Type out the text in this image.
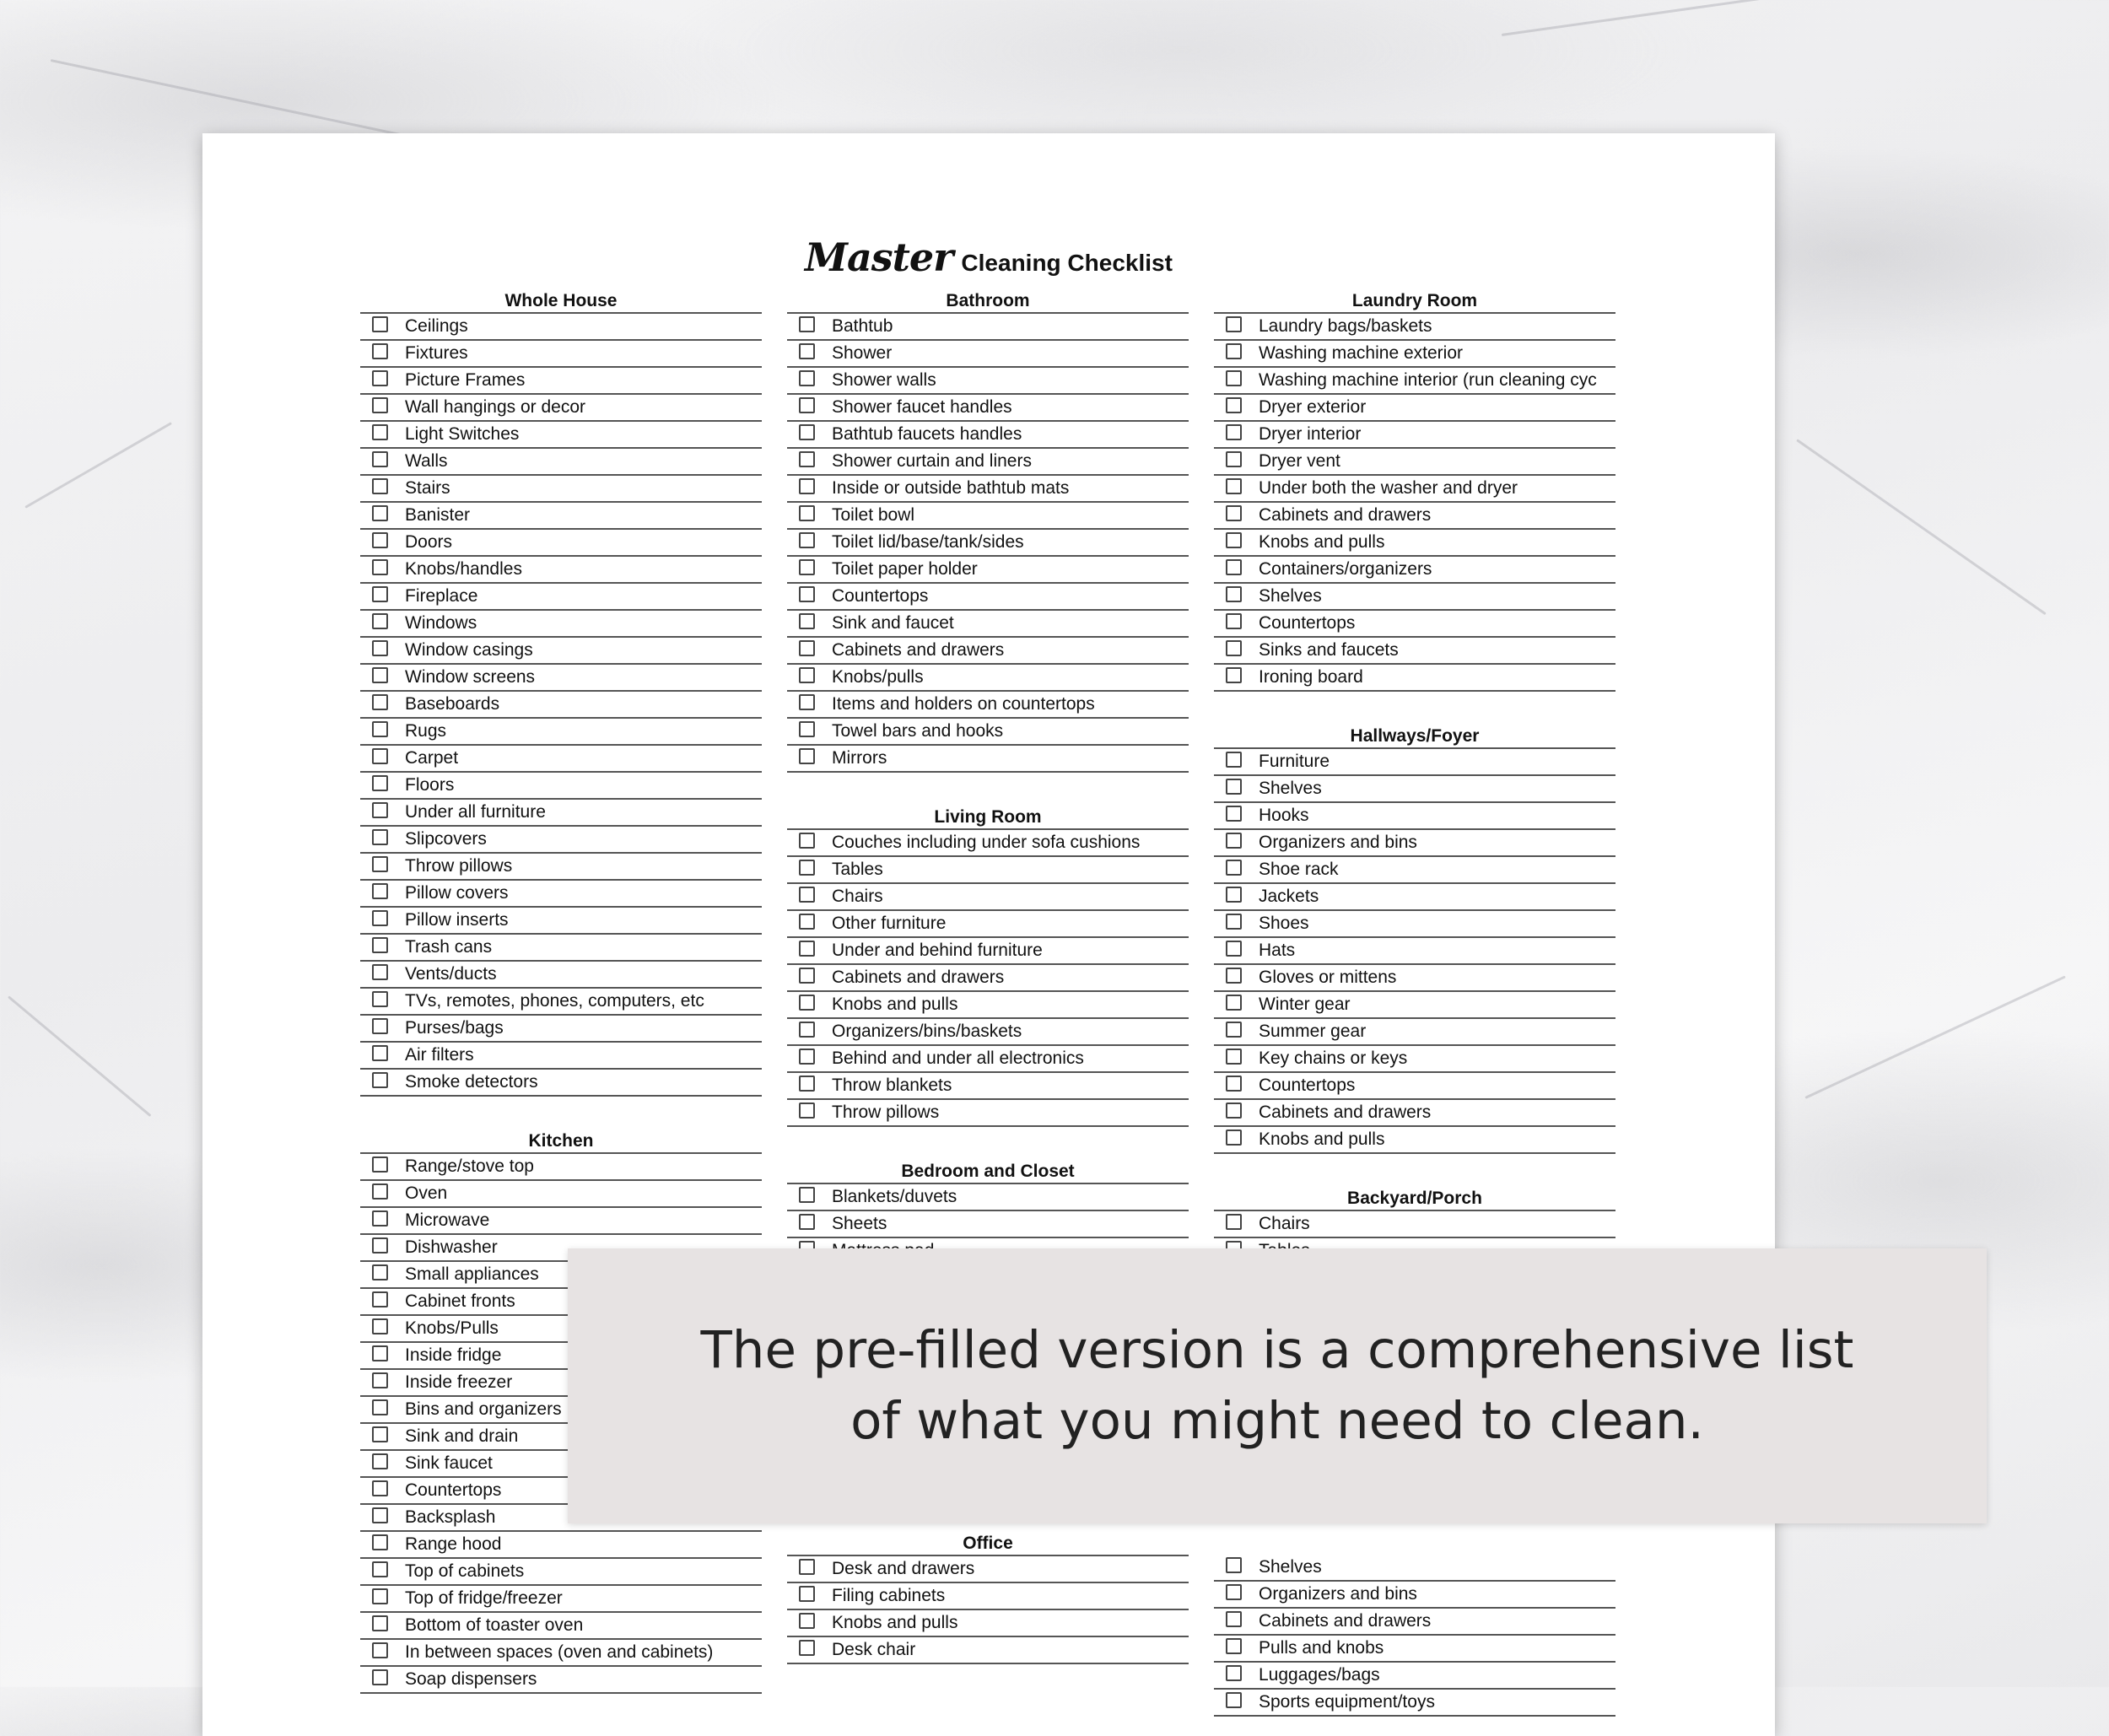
Master Cleaning Checklist
Whole House
Ceilings
Fixtures
Picture Frames
Wall hangings or decor
Light Switches
Walls
Stairs
Banister
Doors
Knobs/handles
Fireplace
Windows
Window casings
Window screens
Baseboards
Rugs
Carpet
Floors
Under all furniture
Slipcovers
Throw pillows
Pillow covers
Pillow inserts
Trash cans
Vents/ducts
TVs, remotes, phones, computers, etc
Purses/bags
Air filters
Smoke detectors
Kitchen
Range/stove top
Oven
Microwave
Dishwasher
Small appliances
Cabinet fronts
Knobs/Pulls
Inside fridge
Inside freezer
Bins and organizers
Sink and drain
Sink faucet
Countertops
Backsplash
Range hood
Top of cabinets
Top of fridge/freezer
Bottom of toaster oven
In between spaces (oven and cabinets)
Soap dispensers
Bathroom
Bathtub
Shower
Shower walls
Shower faucet handles
Bathtub faucets handles
Shower curtain and liners
Inside or outside bathtub mats
Toilet bowl
Toilet lid/base/tank/sides
Toilet paper holder
Countertops
Sink and faucet
Cabinets and drawers
Knobs/pulls
Items and holders on countertops
Towel bars and hooks
Mirrors
Living Room
Couches including under sofa cushions
Tables
Chairs
Other furniture
Under and behind furniture
Cabinets and drawers
Knobs and pulls
Organizers/bins/baskets
Behind and under all electronics
Throw blankets
Throw pillows
Bedroom and Closet
Blankets/duvets
Sheets
Laundry Room
Laundry bags/baskets
Washing machine exterior
Washing machine interior (run cleaning cyc
Dryer exterior
Dryer interior
Dryer vent
Under both the washer and dryer
Cabinets and drawers
Knobs and pulls
Containers/organizers
Shelves
Countertops
Sinks and faucets
Ironing board
Hallways/Foyer
Furniture
Shelves
Hooks
Organizers and bins
Shoe rack
Jackets
Shoes
Hats
Gloves or mittens
Winter gear
Summer gear
Key chains or keys
Countertops
Cabinets and drawers
Knobs and pulls
Backyard/Porch
Chairs
Office
Desk and drawers
Filing cabinets
Knobs and pulls
Desk chair
Shelves
Organizers and bins
Cabinets and drawers
Pulls and knobs
Luggages/bags
Sports equipment/toys
The pre-filled version is a comprehensive list
of what you might need to clean.
